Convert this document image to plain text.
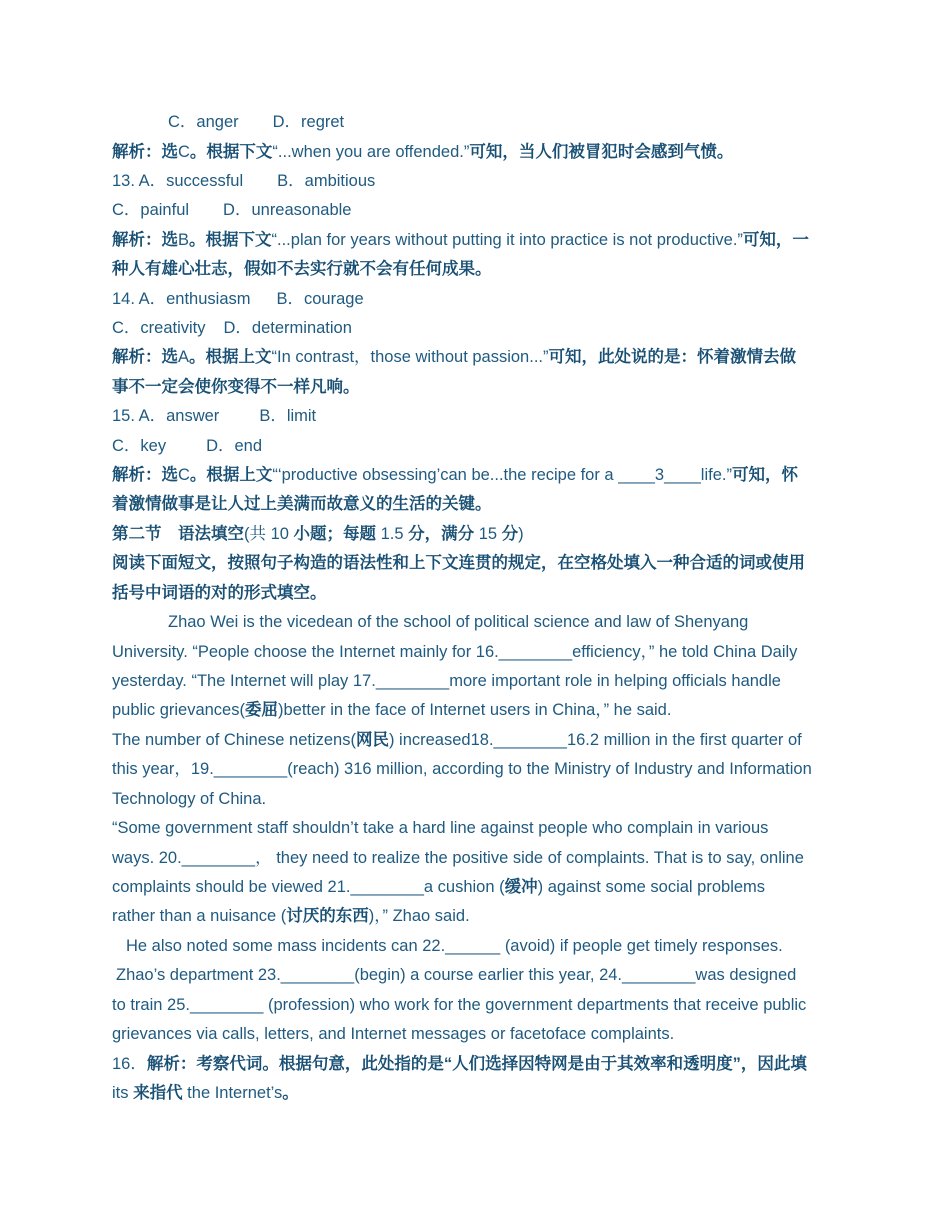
C．anger D．regret
解析：选C。根据下文“...when you are offended.”可知，当人们被冒犯时会感到气愤。
13. A．successful B．ambitious
C．painful D．unreasonable
解析：选B。根据下文“...plan for years without putting it into practice is not productive.”可知，一
种人有雄心壮志，假如不去实行就不会有任何成果。
14. A．enthusiasm B．courage
C．creativity D．determination
解析：选A。根据上文“In contrast，those without passion...”可知，此处说的是：怀着激情去做
事不一定会使你变得不一样凡响。
15. A．answer B．limit
C．key D．end
解析：选C。根据上文“‘productive obsessing’can be...the recipe for a ____3____life.”可知，怀
着激情做事是让人过上美满而故意义的生活的关键。
第二节　语法填空(共 10 小题；每题 1.5 分，满分 15 分)
阅读下面短文，按照句子构造的语法性和上下文连贯的规定，在空格处填入一种合适的词或使用
括号中词语的对的形式填空。
Zhao Wei is the vicedean of the school of political science and law of Shenyang
University. “People choose the Internet mainly for 16.________efficiency，” he told China Daily
yesterday. “The Internet will play 17.________more important role in helping officials handle
public grievances(委屈)better in the face of Internet users in China，” he said.
The number of Chinese netizens(网民) increased18.________16.2 million in the first quarter of
this year，19.________(reach) 316 million, according to the Ministry of Industry and Information
Technology of China.
“Some government staff shouldn’t take a hard line against people who complain in various
ways. 20.________， they need to realize the positive side of complaints. That is to say, online
complaints should be viewed 21.________a cushion (缓冲) against some social problems
rather than a nuisance (讨厌的东西)，” Zhao said.
He also noted some mass incidents can 22.______ (avoid) if people get timely responses.
Zhao’s department 23.________(begin) a course earlier this year, 24.________was designed
to train 25.________ (profession) who work for the government departments that receive public
grievances via calls, letters, and Internet messages or facetoface complaints.
16．解析：考察代词。根据句意，此处指的是“人们选择因特网是由于其效率和透明度”，因此填
its 来指代 the Internet’s。
